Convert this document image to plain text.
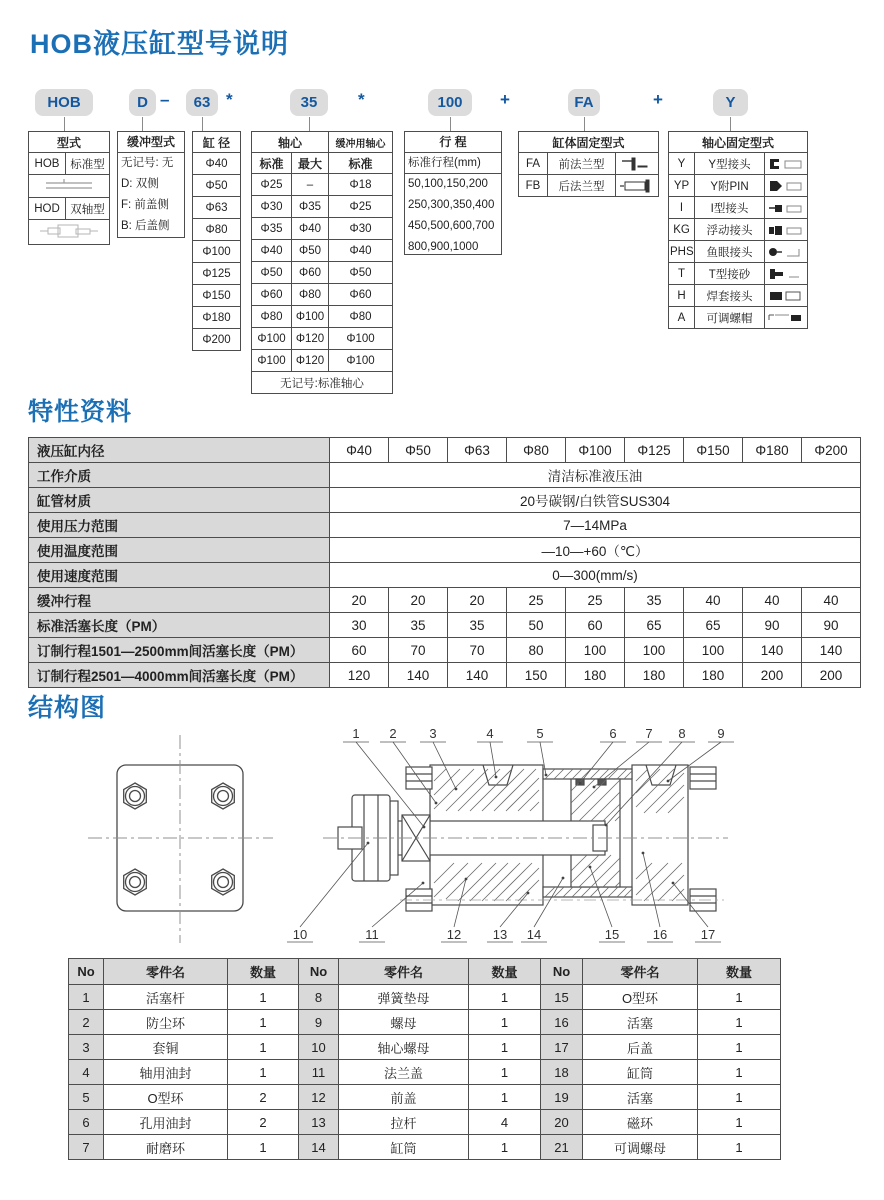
HOB液压缸型号说明
HOB	D	63	35	100	FA	Y
–	*	*	+	+
型式	
HOB	标准型

HOD	双轴型

缓冲型式
无记号: 无
D: 双侧
F: 前盖侧
B: 后盖侧
缸 径
Φ40
Φ50
Φ63
Φ80
Φ100
Φ125
Φ150
Φ180
Φ200
轴心		缓冲用轴心
标准	最大	标准
Φ25	–	Φ18
Φ30	Φ35	Φ25
Φ35	Φ40	Φ30
Φ40	Φ50	Φ40
Φ50	Φ60	Φ50
Φ60	Φ80	Φ60
Φ80	Φ100	Φ80
Φ100	Φ120	Φ100
Φ100	Φ120	Φ100
无记号:标准轴心		
行 程
标准行程(mm)
50,100,150,200
250,300,350,400
450,500,600,700
800,900,1000
缸体固定型式		
FA	前法兰型	

FB	后法兰型	
轴心固定型式		
Y	Y型接头	

YP	Y附PIN	

I	I型接头	

KG	浮动接头	

PHS	鱼眼接头	

T	T型接砂	

H	焊套接头	

A	可调螺帽	
特性资料
液压缸内径	Φ40	Φ50	Φ63	Φ80	Φ100	Φ125	Φ150	Φ180	Φ200
工作介质	清洁标准液压油								
缸管材质	20号碳钢/白铁管SUS304								
使用压力范围	7—14MPa								
使用温度范围	—10—+60（℃）								
使用速度范围	0—300(mm/s)								
缓冲行程	20	20	20	25	25	35	40	40	40
标准活塞长度（PM）	30	35	35	50	60	65	65	90	90
订制行程1501—2500mm间活塞长度（PM）	60	70	70	80	100	100	100	140	140
订制行程2501—4000mm间活塞长度（PM）	120	140	140	150	180	180	180	200	200
结构图
1 2	3	4	5	6 7 8 9
10	11	12 13 14	15	16	17
No	零件名	数量	No	零件名	数量	No	零件名	数量
1	活塞杆	1	8	弹簧垫母	1	15	O型环	1
2	防尘环	1	9	螺母	1	16	活塞	1
3	套铜	1	10	轴心螺母	1	17	后盖	1
4	轴用油封	1	11	法兰盖	1	18	缸筒	1
5	O型环	2	12	前盖	1	19	活塞	1
6	孔用油封	2	13	拉杆	4	20	磁环	1
7	耐磨环	1	14	缸筒	1	21	可调螺母	1
